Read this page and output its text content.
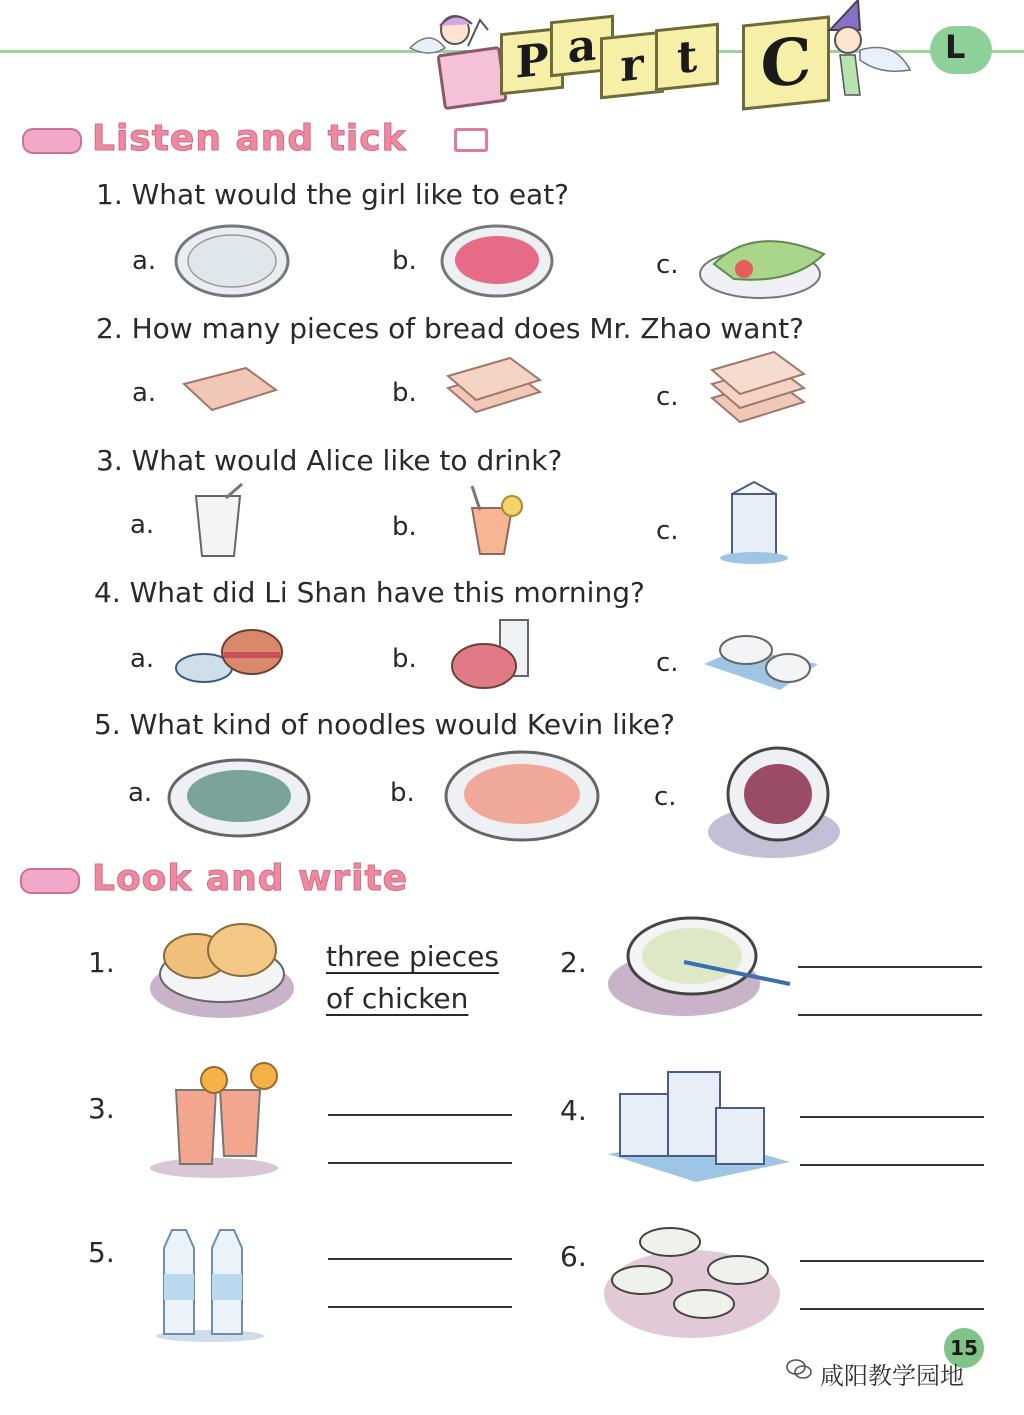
P a r t C	L
Listen and tick
1. What would the girl like to eat?
a.	b.	c.
2. How many pieces of bread does Mr. Zhao want?
a.	b.	c.
3. What would Alice like to drink?
a.	b.	c.
4. What did Li Shan have this morning?
a.	b.	c.
5. What kind of noodles would Kevin like?
a.	b.	c.
Look and write
1.	three pieces
of chicken
2.
3.	4.
5.	6.
15
咸阳教学园地
